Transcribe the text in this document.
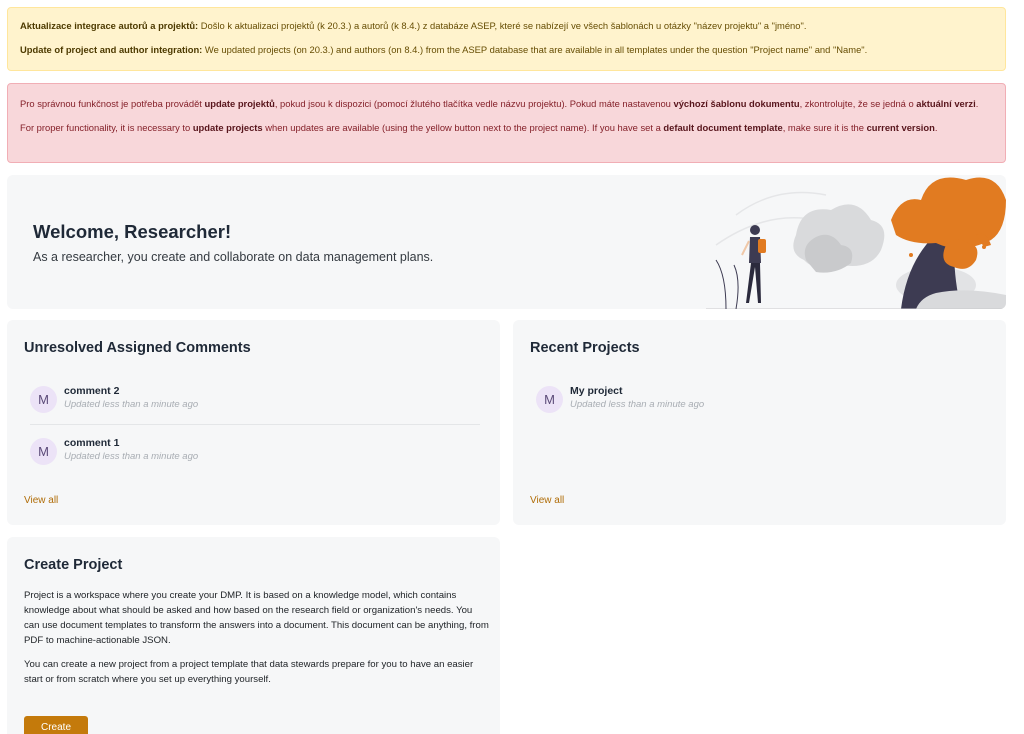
Aktualizace integrace autorů a projektů: Došlo k aktualizaci projektů (k 20.3.) a autorů (k 8.4.) z databáze ASEP, které se nabízejí ve všech šablonách u otázky "název projektu" a "jméno".

Update of project and author integration: We updated projects (on 20.3.) and authors (on 8.4.) from the ASEP database that are available in all templates under the question "Project name" and "Name".

Pro správnou funkčnost je potřeba provádět update projektů, pokud jsou k dispozici (pomocí žlutého tlačítka vedle názvu projektu). Pokud máte nastavenou výchozí šablonu dokumentu, zkontrolujte, že se jedná o aktuální verzi.

For proper functionality, it is necessary to update projects when updates are available (using the yellow button next to the project name). If you have set a default document template, make sure it is the current version.

Welcome, Researcher!
As a researcher, you create and collaborate on data management plans.
Unresolved Assigned Comments
M
comment 2
Updated less than a minute ago
M
comment 1
Updated less than a minute ago
View all
Recent Projects
M
My project
Updated less than a minute ago
View all
Create Project

Project is a workspace where you create your DMP. It is based on a knowledge model, which contains knowledge about what should be asked and how based on the research field or organization's needs. You can use document templates to transform the answers into a document. This document can be anything, from PDF to machine-actionable JSON.

You can create a new project from a project template that data stewards prepare for you to have an easier start or from scratch where you set up everything yourself.

Create
